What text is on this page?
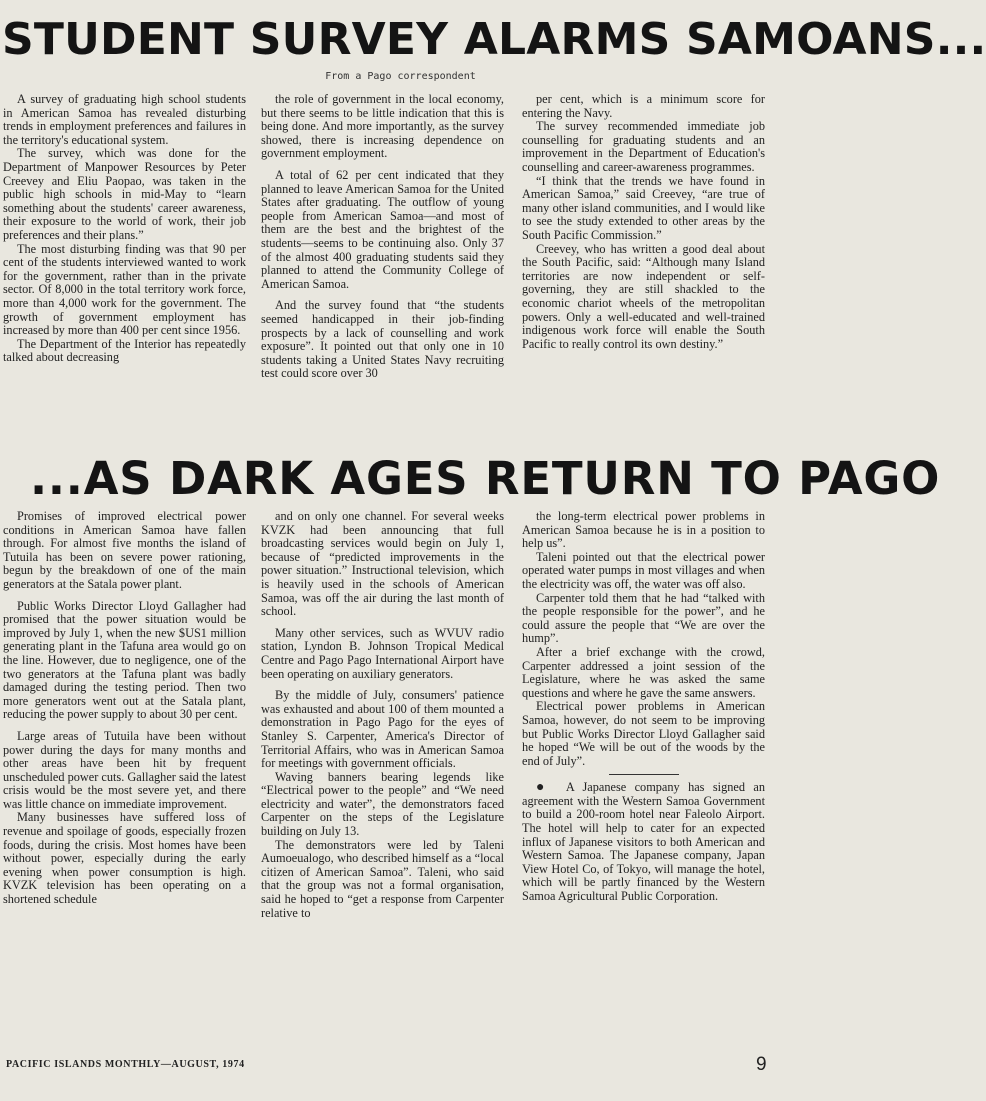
STUDENT SURVEY ALARMS SAMOANS...
From a Pago correspondent

A survey of graduating high school students in American Samoa has revealed disturbing trends in employment preferences and failures in the territory's educational system.

The survey, which was done for the Department of Manpower Resources by Peter Creevey and Eliu Paopao, was taken in the public high schools in mid-May to “learn something about the students' career awareness, their exposure to the world of work, their job preferences and their plans.”

The most disturbing finding was that 90 per cent of the students interviewed wanted to work for the government, rather than in the private sector. Of 8,000 in the total territory work force, more than 4,000 work for the government. The growth of government employment has increased by more than 400 per cent since 1956.

The Department of the Interior has repeatedly talked about decreasing

the role of government in the local economy, but there seems to be little indication that this is being done. And more importantly, as the survey showed, there is increasing dependence on government employment.

A total of 62 per cent indicated that they planned to leave American Samoa for the United States after graduating. The outflow of young people from American Samoa—and most of them are the best and the brightest of the students—seems to be continuing also. Only 37 of the almost 400 graduating students said they planned to attend the Community College of American Samoa.

And the survey found that “the students seemed handicapped in their job-finding prospects by a lack of counselling and work exposure”. It pointed out that only one in 10 students taking a United States Navy recruiting test could score over 30

per cent, which is a minimum score for entering the Navy.

The survey recommended immediate job counselling for graduating students and an improvement in the Department of Education's counselling and career-awareness programmes.

“I think that the trends we have found in American Samoa,” said Creevey, “are true of many other island communities, and I would like to see the study extended to other areas by the South Pacific Commission.”

Creevey, who has written a good deal about the South Pacific, said: “Although many Island territories are now independent or self-governing, they are still shackled to the economic chariot wheels of the metropolitan powers. Only a well-educated and well-trained indigenous work force will enable the South Pacific to really control its own destiny.”

...AS DARK AGES RETURN TO PAGO

Promises of improved electrical power conditions in American Samoa have fallen through. For almost five months the island of Tutuila has been on severe power rationing, begun by the breakdown of one of the main generators at the Satala power plant.

Public Works Director Lloyd Gallagher had promised that the power situation would be improved by July 1, when the new $US1 million generating plant in the Tafuna area would go on the line. However, due to negligence, one of the two generators at the Tafuna plant was badly damaged during the testing period. Then two more generators went out at the Satala plant, reducing the power supply to about 30 per cent.

Large areas of Tutuila have been without power during the days for many months and other areas have been hit by frequent unscheduled power cuts. Gallagher said the latest crisis would be the most severe yet, and there was little chance on immediate improvement.

Many businesses have suffered loss of revenue and spoilage of goods, especially frozen foods, during the crisis. Most homes have been without power, especially during the early evening when power consumption is high. KVZK television has been operating on a shortened schedule

and on only one channel. For several weeks KVZK had been announcing that full broadcasting services would begin on July 1, because of “predicted improvements in the power situation.” Instructional television, which is heavily used in the schools of American Samoa, was off the air during the last month of school.

Many other services, such as WVUV radio station, Lyndon B. Johnson Tropical Medical Centre and Pago Pago International Airport have been operating on auxiliary generators.

By the middle of July, consumers' patience was exhausted and about 100 of them mounted a demonstration in Pago Pago for the eyes of Stanley S. Carpenter, America's Director of Territorial Affairs, who was in American Samoa for meetings with government officials.

Waving banners bearing legends like “Electrical power to the people” and “We need electricity and water”, the demonstrators faced Carpenter on the steps of the Legislature building on July 13.

The demonstrators were led by Taleni Aumoeualogo, who described himself as a “local citizen of American Samoa”. Taleni, who said that the group was not a formal organisation, said he hoped to “get a response from Carpenter relative to

the long-term electrical power problems in American Samoa because he is in a position to help us”.

Taleni pointed out that the electrical power operated water pumps in most villages and when the electricity was off, the water was off also.

Carpenter told them that he had “talked with the people responsible for the power”, and he could assure the people that “We are over the hump”.

After a brief exchange with the crowd, Carpenter addressed a joint session of the Legislature, where he was asked the same questions and where he gave the same answers.

Electrical power problems in American Samoa, however, do not seem to be improving but Public Works Director Lloyd Gallagher said he hoped “We will be out of the woods by the end of July”.

● A Japanese company has signed an agreement with the Western Samoa Government to build a 200-room hotel near Faleolo Airport. The hotel will help to cater for an expected influx of Japanese visitors to both American and Western Samoa. The Japanese company, Japan View Hotel Co, of Tokyo, will manage the hotel, which will be partly financed by the Western Samoa Agricultural Public Corporation.

PACIFIC ISLANDS MONTHLY—AUGUST, 1974	9
